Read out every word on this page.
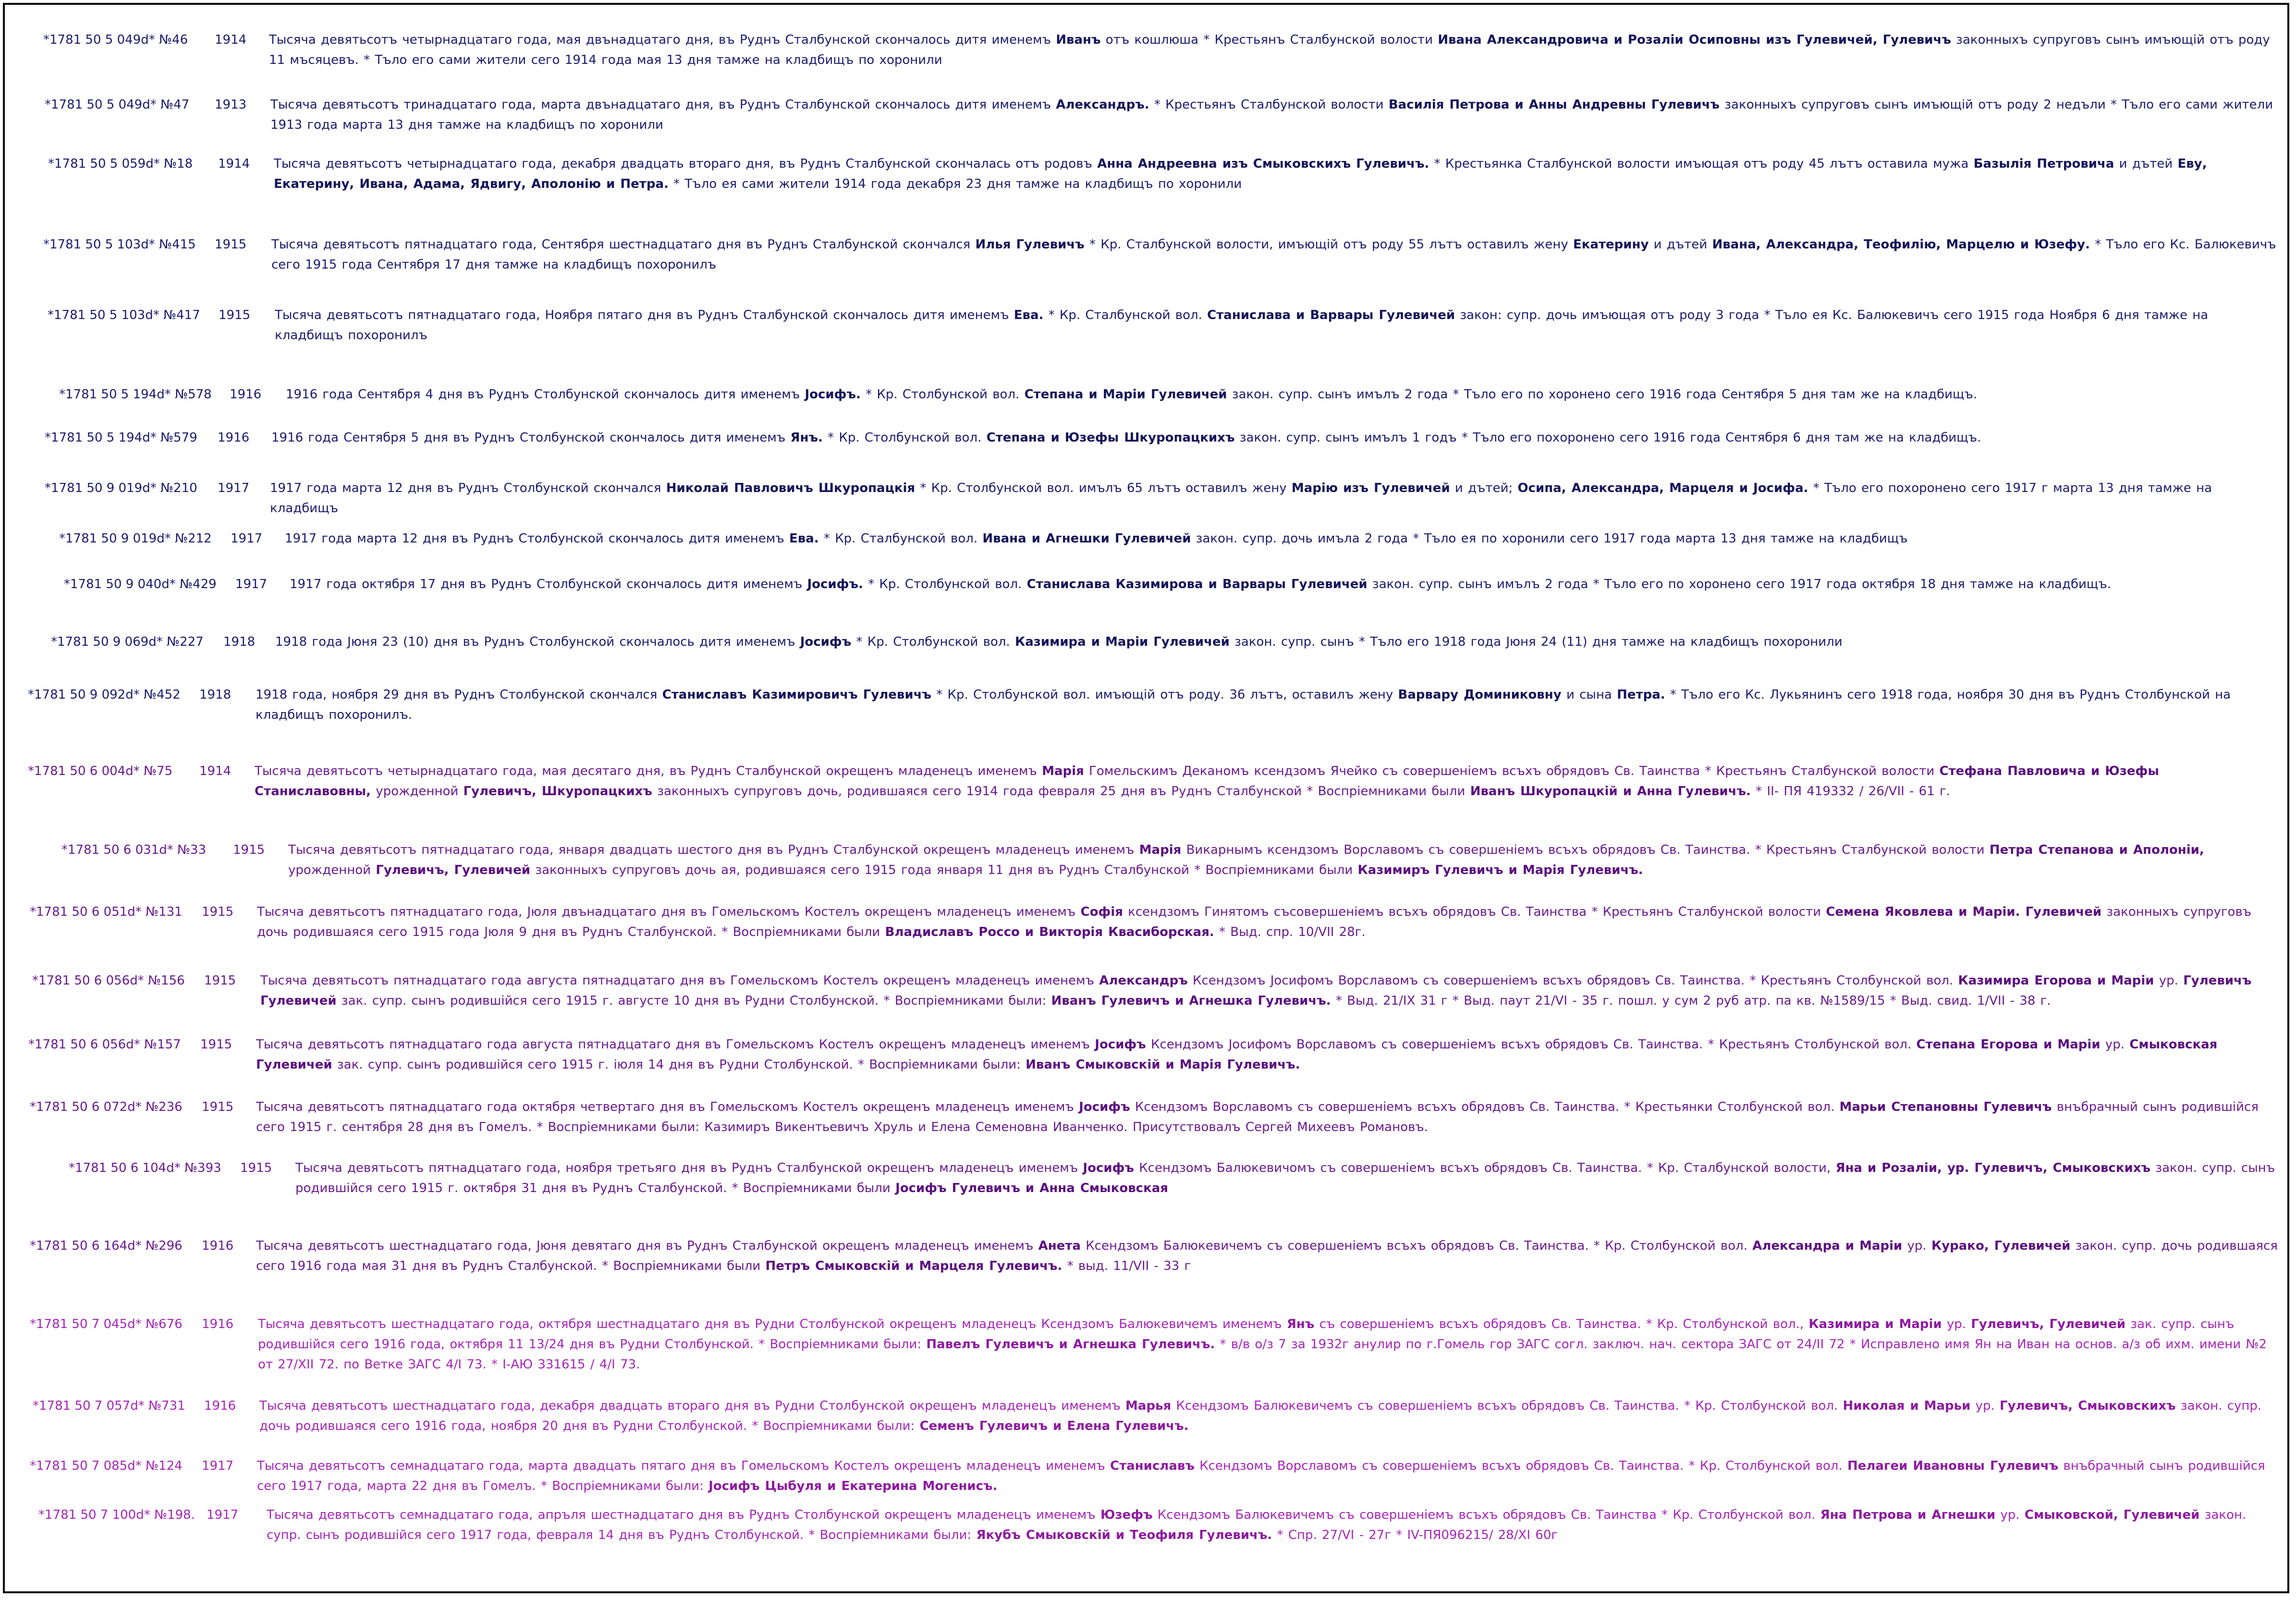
*1781 50 5 049d* №46	1914	Тысяча девятьсотъ четырнадцатаго года, мая двънадцатаго дня, въ Руднъ Сталбунской скончалось дитя именемъ Иванъ отъ кошлюша * Крестьянъ Сталбунской волости Ивана Александровича и Розаліи Осиповны изъ Гулевичей, Гулевичъ законныхъ супруговъ сынъ имъющій отъ роду 11 мъсяцевъ. * Тъло его сами жители сего 1914 года мая 13 дня тамже на кладбищъ по хоронили
*1781 50 5 049d* №47	1913	Тысяча девятьсотъ тринадцатаго года, марта двънадцатаго дня, въ Руднъ Сталбунской скончалось дитя именемъ Александръ. * Крестьянъ Сталбунской волости Василія Петрова и Анны Андревны Гулевичъ законныхъ супруговъ сынъ имъющій отъ роду 2 недъли * Тъло его сами жители 1913 года марта 13 дня тамже на кладбищъ по хоронили
*1781 50 5 059d* №18	1914	Тысяча девятьсотъ четырнадцатаго года, декабря двадцать втораго дня, въ Руднъ Сталбунской скончалась отъ родовъ Анна Андреевна изъ Смыковскихъ Гулевичъ. * Крестьянка Сталбунской волости имъющая отъ роду 45 лътъ оставила мужа Базылія Петровича и дътей Еву, Екатерину, Ивана, Адама, Ядвигу, Аполонію и Петра. * Тъло ея сами жители 1914 года декабря 23 дня тамже на кладбищъ по хоронили
*1781 50 5 103d* №415	1915	Тысяча девятьсотъ пятнадцатаго года, Сентября шестнадцатаго дня въ Руднъ Сталбунской скончался Илья Гулевичъ * Кр. Сталбунской волости, имъющій отъ роду 55 лътъ оставилъ жену Екатерину и дътей Ивана, Александра, Теофилію, Марцелю и Юзефу. * Тъло его Кс. Балюкевичъ сего 1915 года Сентября 17 дня тамже на кладбищъ похоронилъ
*1781 50 5 103d* №417	1915	Тысяча девятьсотъ пятнадцатаго года, Ноября пятаго дня въ Руднъ Сталбунской скончалось дитя именемъ Ева. * Кр. Сталбунской вол. Станислава и Варвары Гулевичей закон: супр. дочь имъющая отъ роду 3 года * Тъло ея Кс. Балюкевичъ сего 1915 года Ноября 6 дня тамже на кладбищъ похоронилъ
*1781 50 5 194d* №578	1916	1916 года Сентября 4 дня въ Руднъ Столбунской скончалось дитя именемъ Јосифъ. * Кр. Столбунской вол. Степана и Маріи Гулевичей закон. супр. сынъ имълъ 2 года * Тъло его по хоронено сего 1916 года Сентября 5 дня там же на кладбищъ.
*1781 50 5 194d* №579	1916	1916 года Сентября 5 дня въ Руднъ Столбунской скончалось дитя именемъ Янъ. * Кр. Столбунской вол. Степана и Юзефы Шкуропацкихъ закон. супр. сынъ имълъ 1 годъ * Тъло его похоронено сего 1916 года Сентября 6 дня там же на кладбищъ.
*1781 50 9 019d* №210	1917	1917 года марта 12 дня въ Руднъ Столбунской скончался Николай Павловичъ Шкуропацкія * Кр. Столбунской вол. имълъ 65 лътъ оставилъ жену Марію изъ Гулевичей и дътей; Осипа, Александра, Марцеля и Јосифа. * Тъло его похоронено сего 1917 г марта 13 дня тамже на кладбищъ
*1781 50 9 019d* №212	1917	1917 года марта 12 дня въ Руднъ Столбунской скончалось дитя именемъ Ева. * Кр. Сталбунской вол. Ивана и Агнешки Гулевичей закон. супр. дочь имъла 2 года * Тъло ея по хоронили сего 1917 года марта 13 дня тамже на кладбищъ
*1781 50 9 040d* №429	1917	1917 года октября 17 дня въ Руднъ Столбунской скончалось дитя именемъ Јосифъ. * Кр. Столбунской вол. Станислава Казимирова и Варвары Гулевичей закон. супр. сынъ имълъ 2 года * Тъло его по хоронено сего 1917 года октября 18 дня тамже на кладбищъ.
*1781 50 9 069d* №227	1918	1918 года Јюня 23 (10) дня въ Руднъ Столбунской скончалось дитя именемъ Јосифъ * Кр. Столбунской вол. Казимира и Маріи Гулевичей закон. супр. сынъ * Тъло его 1918 года Јюня 24 (11) дня тамже на кладбищъ похоронили
*1781 50 9 092d* №452	1918	1918 года, ноября 29 дня въ Руднъ Столбунской скончался Станиславъ Казимировичъ Гулевичъ * Кр. Столбунской вол. имъющій отъ роду. 36 лътъ, оставилъ жену Варвару Доминиковну и сына Петра. * Тъло его Кс. Лукьянинъ сего 1918 года, ноября 30 дня въ Руднъ Столбунской на кладбищъ похоронилъ.
*1781 50 6 004d* №75	1914	Тысяча девятьсотъ четырнадцатаго года, мая десятаго дня, въ Руднъ Сталбунской окрещенъ младенецъ именемъ Марія Гомельскимъ Деканомъ ксендзомъ Ячейко съ совершеніемъ всъхъ обрядовъ Св. Таинства * Крестьянъ Сталбунской волости Стефана Павловича и Юзефы Станиславовны, урожденной Гулевичъ, Шкуропацкихъ законныхъ супруговъ дочь, родившаяся сего 1914 года февраля 25 дня въ Руднъ Сталбунской * Воспріемниками были Иванъ Шкуропацкій и Анна Гулевичъ. * II- ПЯ 419332 / 26/VII - 61 г.
*1781 50 6 031d* №33	1915	Тысяча девятьсотъ пятнадцатаго года, января двадцать шестого дня въ Руднъ Сталбунской окрещенъ младенецъ именемъ Марія Викарнымъ ксендзомъ Ворславомъ съ совершеніемъ всъхъ обрядовъ Св. Таинства. * Крестьянъ Сталбунской волости Петра Степанова и Аполоніи, урожденной Гулевичъ, Гулевичей законныхъ супруговъ дочь ая, родившаяся сего 1915 года января 11 дня въ Руднъ Сталбунской * Воспріемниками были Казимиръ Гулевичъ и Марія Гулевичъ.
*1781 50 6 051d* №131	1915	Тысяча девятьсотъ пятнадцатаго года, Јюля двънадцатаго дня въ Гомельскомъ Костелъ окрещенъ младенецъ именемъ Софія ксендзомъ Гинятомъ съсовершеніемъ всъхъ обрядовъ Св. Таинства * Крестьянъ Сталбунской волости Семена Яковлева и Маріи. Гулевичей законныхъ супруговъ дочь родившаяся сего 1915 года Јюля 9 дня въ Руднъ Сталбунской. * Воспріемниками были Владиславъ Россо и Викторія Квасиборская. * Выд. спр. 10/VII 28г.
*1781 50 6 056d* №156	1915	Тысяча девятьсотъ пятнадцатаго года августа пятнадцатаго дня въ Гомельскомъ Костелъ окрещенъ младенецъ именемъ Александръ Ксендзомъ Јосифомъ Ворславомъ съ совершеніемъ всъхъ обрядовъ Св. Таинства. * Крестьянъ Столбунской вол. Казимира Егорова и Маріи ур. Гулевичъ Гулевичей зак. супр. сынъ родившійся сего 1915 г. августе 10 дня въ Рудни Столбунской. * Воспріемниками были: Иванъ Гулевичъ и Агнешка Гулевичъ. * Выд. 21/IX 31 г * Выд. паут 21/VI - 35 г. пошл. у сум 2 руб атр. па кв. №1589/15 * Выд. свид. 1/VII - 38 г.
*1781 50 6 056d* №157	1915	Тысяча девятьсотъ пятнадцатаго года августа пятнадцатаго дня въ Гомельскомъ Костелъ окрещенъ младенецъ именемъ Јосифъ Ксендзомъ Јосифомъ Ворславомъ съ совершеніемъ всъхъ обрядовъ Св. Таинства. * Крестьянъ Столбунской вол. Степана Егорова и Маріи ур. Смыковская Гулевичей зак. супр. сынъ родившійся сего 1915 г. іюля 14 дня въ Рудни Столбунской. * Воспріемниками были: Иванъ Смыковскій и Марія Гулевичъ.
*1781 50 6 072d* №236	1915	Тысяча девятьсотъ пятнадцатаго года октября четвертаго дня въ Гомельскомъ Костелъ окрещенъ младенецъ именемъ Јосифъ Ксендзомъ Ворславомъ съ совершеніемъ всъхъ обрядовъ Св. Таинства. * Крестьянки Столбунской вол. Марьи Степановны Гулевичъ внъбрачный сынъ родившійся сего 1915 г. сентября 28 дня въ Гомелъ. * Воспріемниками были: Казимиръ Викентьевичъ Хруль и Елена Семеновна Иванченко. Присутствовалъ Сергей Михеевъ Романовъ.
*1781 50 6 104d* №393	1915	Тысяча девятьсотъ пятнадцатаго года, ноября третьяго дня въ Руднъ Сталбунской окрещенъ младенецъ именемъ Јосифъ Ксендзомъ Балюкевичомъ съ совершеніемъ всъхъ обрядовъ Св. Таинства. * Кр. Сталбунской волости, Яна и Розаліи, ур. Гулевичъ, Смыковскихъ закон. супр. сынъ родившійся сего 1915 г. октября 31 дня въ Руднъ Сталбунской. * Воспріемниками были Јосифъ Гулевичъ и Анна Смыковская
*1781 50 6 164d* №296	1916	Тысяча девятьсотъ шестнадцатаго года, Јюня девятаго дня въ Руднъ Сталбунской окрещенъ младенецъ именемъ Анета Ксендзомъ Балюкевичемъ съ совершеніемъ всъхъ обрядовъ Св. Таинства. * Кр. Столбунской вол. Александра и Маріи ур. Курако, Гулевичей закон. супр. дочь родившаяся сего 1916 года мая 31 дня въ Руднъ Сталбунской. * Воспріемниками были Петръ Смыковскій и Марцеля Гулевичъ. * выд. 11/VII - 33 г
*1781 50 7 045d* №676	1916	Тысяча девятьсотъ шестнадцатаго года, октября шестнадцатаго дня въ Рудни Столбунской окрещенъ младенецъ Ксендзомъ Балюкевичемъ именемъ Янъ съ совершеніемъ всъхъ обрядовъ Св. Таинства. * Кр. Столбунской вол., Казимира и Маріи ур. Гулевичъ, Гулевичей зак. супр. сынъ родившійся сего 1916 года, октября 11 13/24 дня въ Рудни Столбунской. * Воспріемниками были: Павелъ Гулевичъ и Агнешка Гулевичъ. * в/в о/з 7 за 1932г анулир по г.Гомель гор ЗАГС согл. заключ. нач. сектора ЗАГС от 24/II 72 * Исправлено имя Ян на Иван на основ. а/з об ихм. имени №2 от 27/XII 72. по Ветке ЗАГС 4/I 73. * I-АЮ 331615 / 4/I 73.
*1781 50 7 057d* №731	1916	Тысяча девятьсотъ шестнадцатаго года, декабря двадцать втораго дня въ Рудни Столбунской окрещенъ младенецъ именемъ Марья Ксендзомъ Балюкевичемъ съ совершеніемъ всъхъ обрядовъ Св. Таинства. * Кр. Столбунской вол. Николая и Марьи ур. Гулевичъ, Смыковскихъ закон. супр. дочь родившаяся сего 1916 года, ноября 20 дня въ Рудни Столбунской. * Воспріемниками были: Семенъ Гулевичъ и Елена Гулевичъ.
*1781 50 7 085d* №124	1917	Тысяча девятьсотъ семнадцатаго года, марта двадцать пятаго дня въ Гомельскомъ Костелъ окрещенъ младенецъ именемъ Станиславъ Ксендзомъ Ворславомъ съ совершеніемъ всъхъ обрядовъ Св. Таинства. * Кр. Столбунской вол. Пелагеи Ивановны Гулевичъ внъбрачный сынъ родившійся сего 1917 года, марта 22 дня въ Гомелъ. * Воспріемниками были: Јосифъ Цыбуля и Екатерина Могенисъ.
*1781 50 7 100d* №198. 1917	Тысяча девятьсотъ семнадцатаго года, апръля шестнадцатаго дня въ Руднъ Столбунской окрещенъ младенецъ именемъ Юзефъ Ксендзомъ Балюкевичемъ съ совершеніемъ всъхъ обрядовъ Св. Таинства * Кр. Столбунской вол. Яна Петрова и Агнешки ур. Смыковской, Гулевичей закон. супр. сынъ родившійся сего 1917 года, февраля 14 дня въ Руднъ Столбунской. * Воспріемниками были: Якубъ Смыковскій и Теофиля Гулевичъ. * Спр. 27/VI - 27г * IV-ПЯ096215/ 28/XI 60г
